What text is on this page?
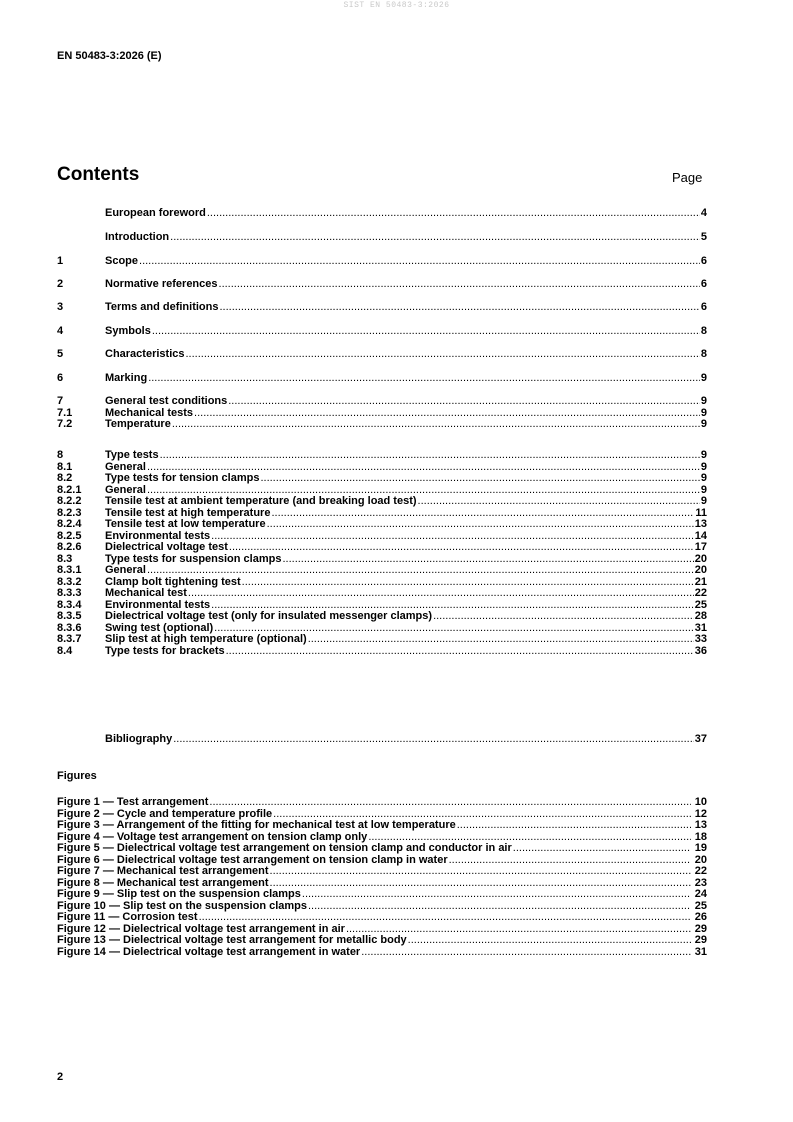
SIST EN 50483-3:2026
EN 50483-3:2026 (E)
Contents	Page
European foreword .....	4
Introduction .....	5
1	Scope .....	6
2	Normative references .....	6
3	Terms and definitions .....	6
4	Symbols .....	8
5	Characteristics .....	8
6	Marking .....	9
7	General test conditions .....	9
7.1	Mechanical tests .....	9
7.2	Temperature .....	9
8	Type tests .....	9
8.1	General .....	9
8.2	Type tests for tension clamps .....	9
8.2.1	General .....	9
8.2.2	Tensile test at ambient temperature (and breaking load test) .....	9
8.2.3	Tensile test at high temperature .....	11
8.2.4	Tensile test at low temperature .....	13
8.2.5	Environmental tests .....	14
8.2.6	Dielectrical voltage test .....	17
8.3	Type tests for suspension clamps .....	20
8.3.1	General .....	20
8.3.2	Clamp bolt tightening test .....	21
8.3.3	Mechanical test .....	22
8.3.4	Environmental tests .....	25
8.3.5	Dielectrical voltage test (only for insulated messenger clamps) .....	28
8.3.6	Swing test (optional) .....	31
8.3.7	Slip test at high temperature (optional) .....	33
8.4	Type tests for brackets .....	36
Bibliography .....	37
Figures
Figure 1 — Test arrangement .....	10
Figure 2 — Cycle and temperature profile .....	12
Figure 3 — Arrangement of the fitting for mechanical test at low temperature .....	13
Figure 4 — Voltage test arrangement on tension clamp only .....	18
Figure 5 — Dielectrical voltage test arrangement on tension clamp and conductor in air .....	19
Figure 6 — Dielectrical voltage test arrangement on tension clamp in water .....	20
Figure 7 — Mechanical test arrangement .....	22
Figure 8 — Mechanical test arrangement .....	23
Figure 9 — Slip test on the suspension clamps .....	24
Figure 10 — Slip test on the suspension clamps .....	25
Figure 11 — Corrosion test .....	26
Figure 12 — Dielectrical voltage test arrangement in air .....	29
Figure 13 — Dielectrical voltage test arrangement for metallic body .....	29
Figure 14 — Dielectrical voltage test arrangement in water .....	31
2
